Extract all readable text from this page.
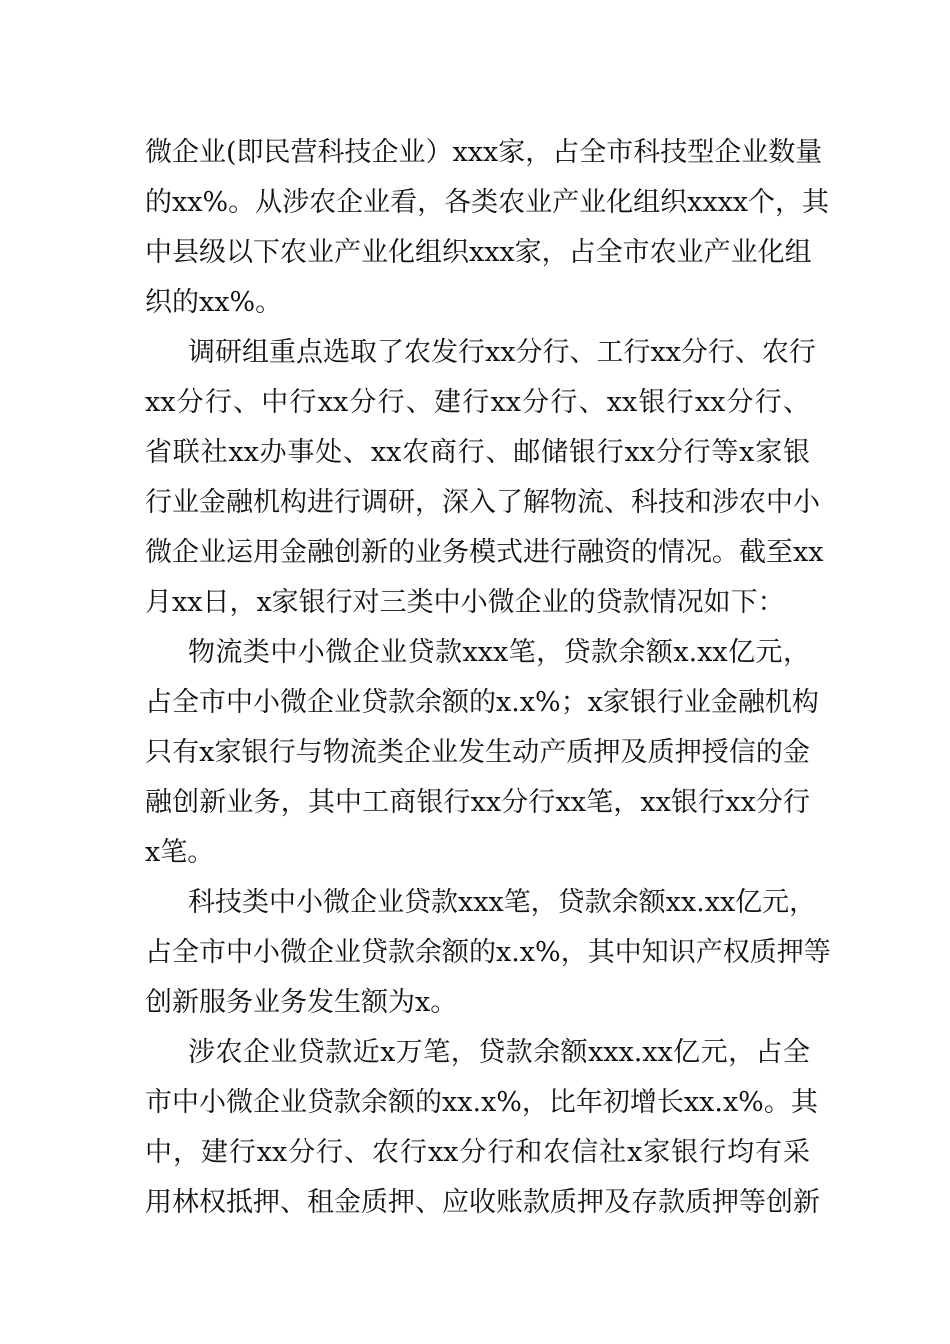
微企业(即民营科技企业）xxx家，占全市科技型企业数量
的xx%。从涉农企业看，各类农业产业化组织xxxx个，其
中县级以下农业产业化组织xxx家，占全市农业产业化组
织的xx%。
调研组重点选取了农发行xx分行、工行xx分行、农行
xx分行、中行xx分行、建行xx分行、xx银行xx分行、
省联社xx办事处、xx农商行、邮储银行xx分行等x家银
行业金融机构进行调研，深入了解物流、科技和涉农中小
微企业运用金融创新的业务模式进行融资的情况。截至xx
月xx日，x家银行对三类中小微企业的贷款情况如下：
物流类中小微企业贷款xxx笔，贷款余额x.xx亿元，
占全市中小微企业贷款余额的x.x%；x家银行业金融机构
只有x家银行与物流类企业发生动产质押及质押授信的金
融创新业务，其中工商银行xx分行xx笔，xx银行xx分行
x笔。
科技类中小微企业贷款xxx笔，贷款余额xx.xx亿元，
占全市中小微企业贷款余额的x.x%，其中知识产权质押等
创新服务业务发生额为x。
涉农企业贷款近x万笔，贷款余额xxx.xx亿元，占全
市中小微企业贷款余额的xx.x%，比年初增长xx.x%。其
中，建行xx分行、农行xx分行和农信社x家银行均有采
用林权抵押、租金质押、应收账款质押及存款质押等创新
